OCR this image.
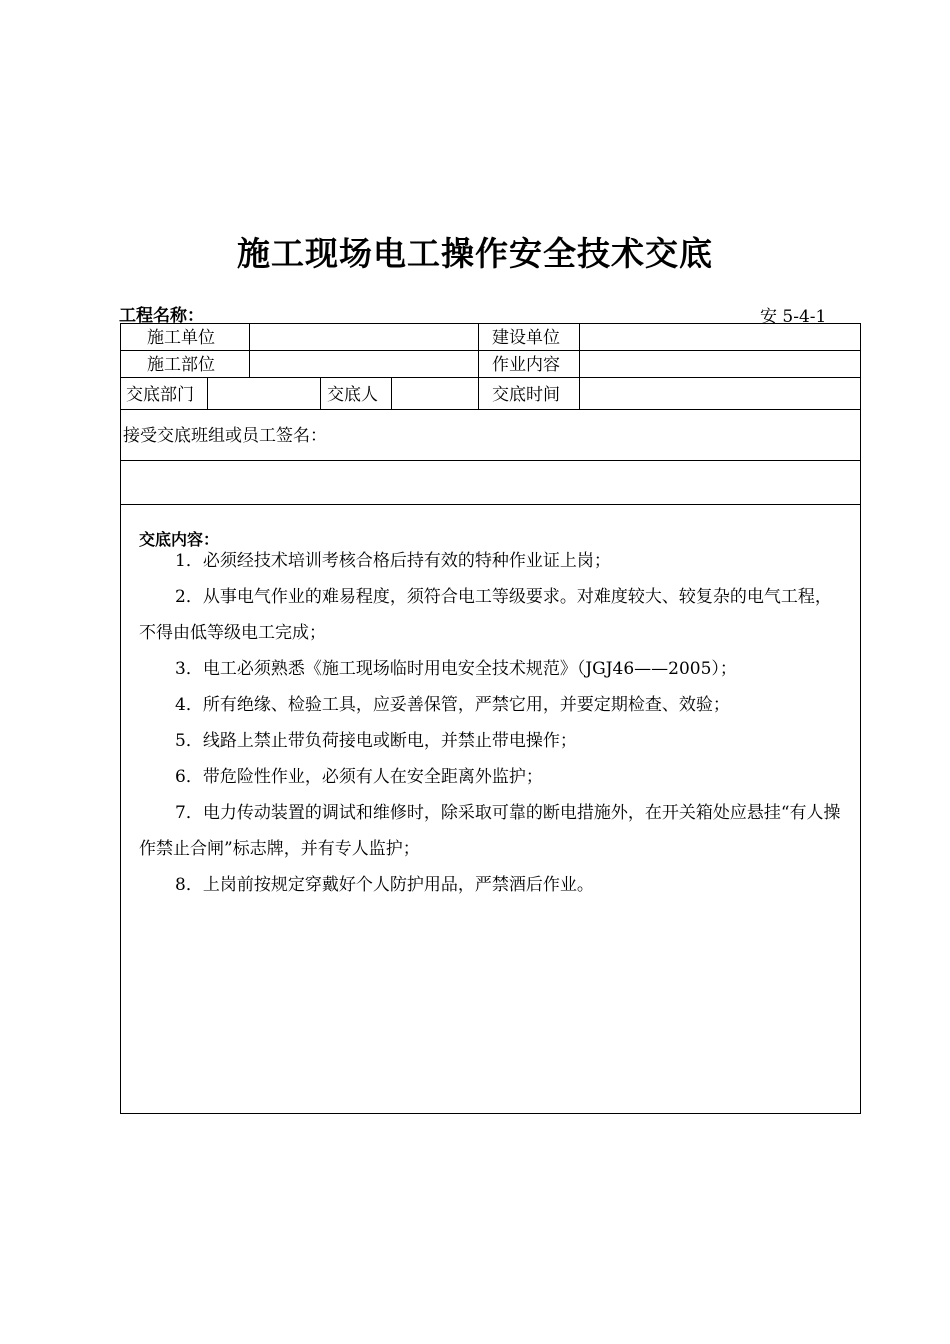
施工现场电工操作安全技术交底
工程名称：	安 5-4-1
施工单位	建设单位
施工部位	作业内容
交底部门	交底人	交底时间
接受交底班组或员工签名：
交底内容：

1．必须经技术培训考核合格后持有效的特种作业证上岗；

2．从事电气作业的难易程度，须符合电工等级要求。对难度较大、较复杂的电气工程，不得由低等级电工完成；

3．电工必须熟悉《施工现场临时用电安全技术规范》（JGJ46——2005）；

4．所有绝缘、检验工具，应妥善保管，严禁它用，并要定期检查、效验；

5．线路上禁止带负荷接电或断电，并禁止带电操作；

6．带危险性作业，必须有人在安全距离外监护；

7．电力传动装置的调试和维修时，除采取可靠的断电措施外，在开关箱处应悬挂“有人操作禁止合闸”标志牌，并有专人监护；

8．上岗前按规定穿戴好个人防护用品，严禁酒后作业。
